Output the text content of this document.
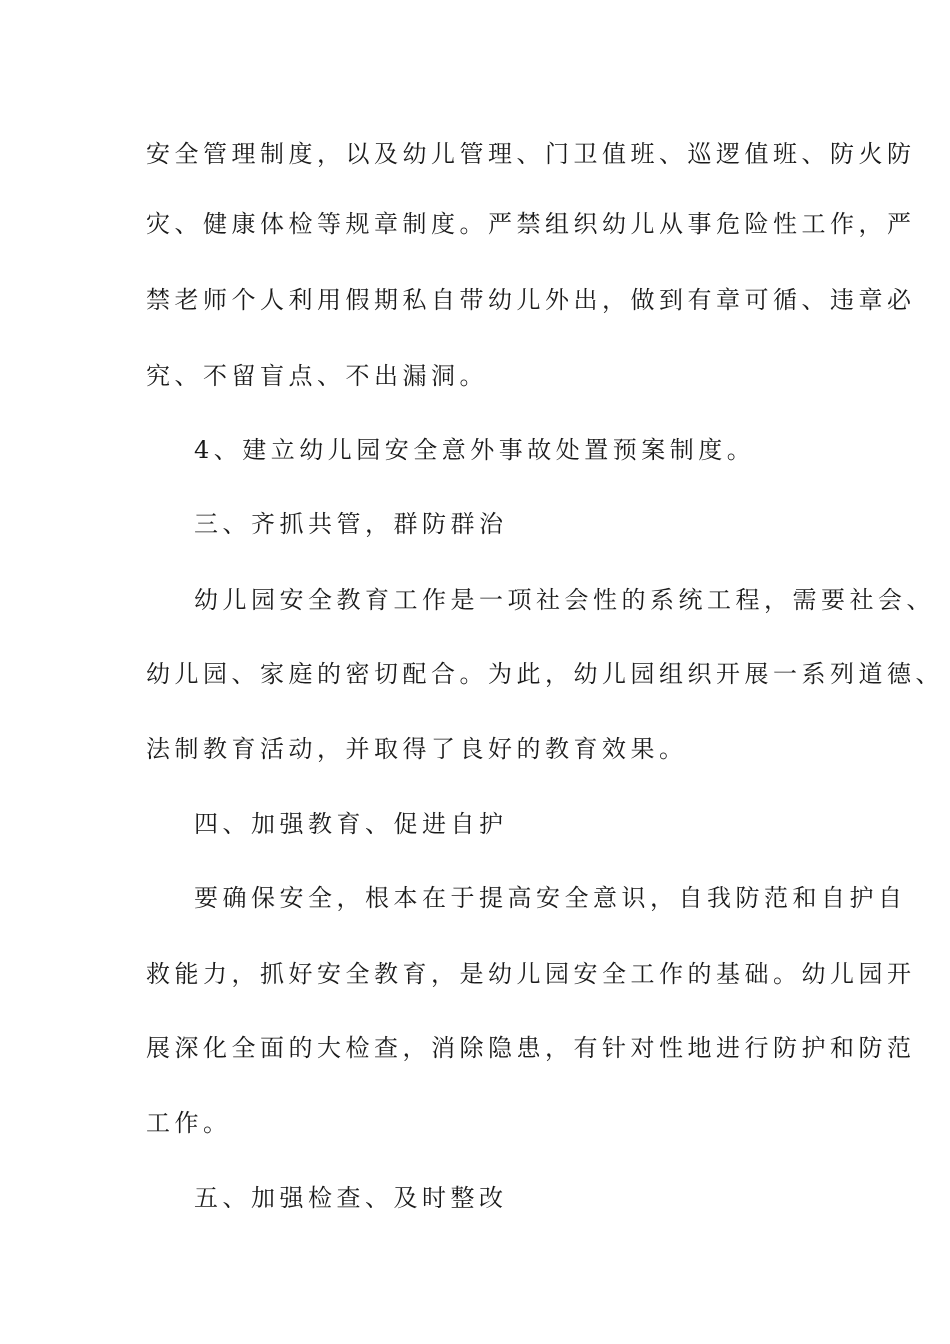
安全管理制度，以及幼儿管理、门卫值班、巡逻值班、防火防
灾、健康体检等规章制度。严禁组织幼儿从事危险性工作，严
禁老师个人利用假期私自带幼儿外出，做到有章可循、违章必
究、不留盲点、不出漏洞。
4、建立幼儿园安全意外事故处置预案制度。
三、齐抓共管，群防群治
幼儿园安全教育工作是一项社会性的系统工程，需要社会、
幼儿园、家庭的密切配合。为此，幼儿园组织开展一系列道德、
法制教育活动，并取得了良好的教育效果。
四、加强教育、促进自护
要确保安全，根本在于提高安全意识，自我防范和自护自
救能力，抓好安全教育，是幼儿园安全工作的基础。幼儿园开
展深化全面的大检查，消除隐患，有针对性地进行防护和防范
工作。
五、加强检查、及时整改
